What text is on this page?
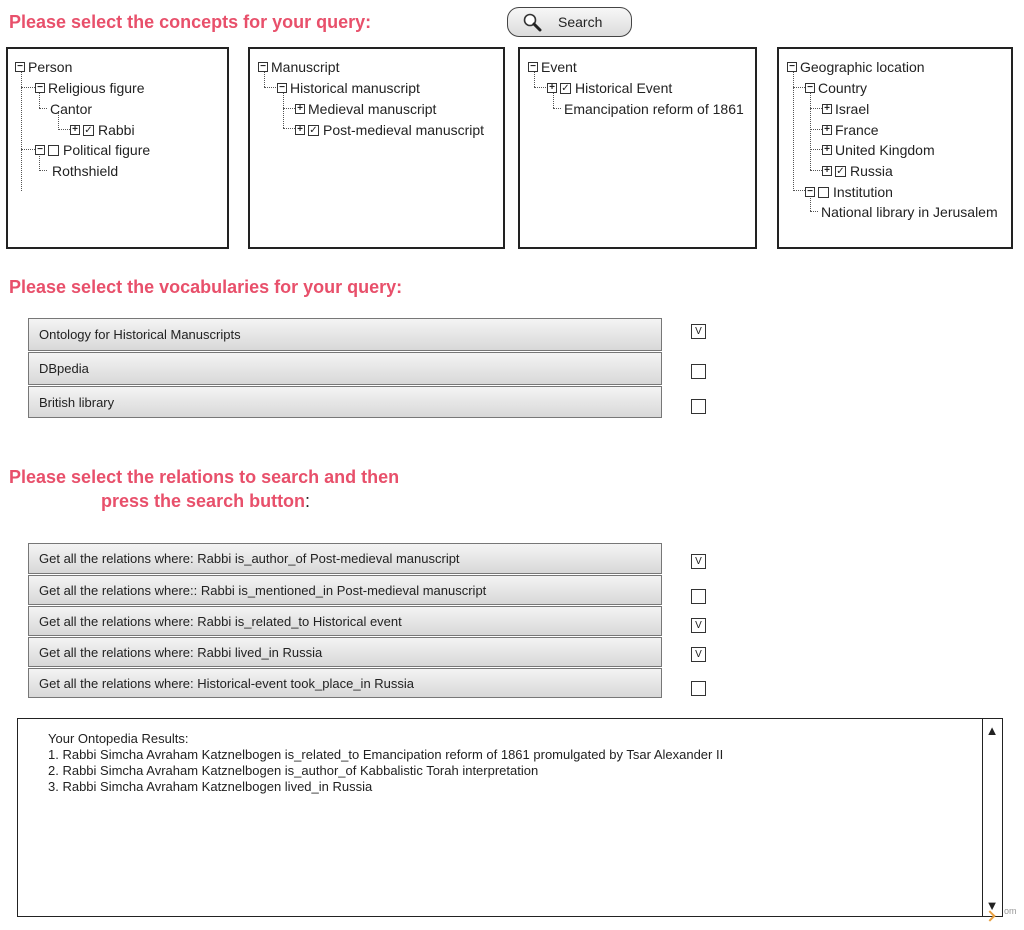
Please select the concepts for your query:
Please select the vocabularies for your query:
Please select the relations to search and then
press the search button:
Search
− Person
− Religious figure
Cantor
+ ✓ Rabbi
− Political figure
Rothshield
− Manuscript
− Historical manuscript
+ Medieval manuscript
+ ✓ Post-medieval manuscript
− Event
+ ✓ Historical Event
Emancipation reform of 1861
− Geographic location
− Country
+ Israel
+ France
+ United Kingdom
+ ✓ Russia
− Institution
National library in Jerusalem
Ontology for Historical Manuscripts
DBpedia
British library
V
Get all the relations where: Rabbi is_author_of Post-medieval manuscript
Get all the relations where:: Rabbi is_mentioned_in Post-medieval manuscript
Get all the relations where: Rabbi is_related_to Historical event
Get all the relations where: Rabbi lived_in Russia
Get all the relations where: Historical-event took_place_in Russia
V
V
V
Your Ontopedia Results:
1. Rabbi Simcha Avraham Katznelbogen is_related_to Emancipation reform of 1861 promulgated by Tsar Alexander II
2. Rabbi Simcha Avraham Katznelbogen is_author_of Kabbalistic Torah interpretation
3. Rabbi Simcha Avraham Katznelbogen lived_in Russia
▲
▼ om
